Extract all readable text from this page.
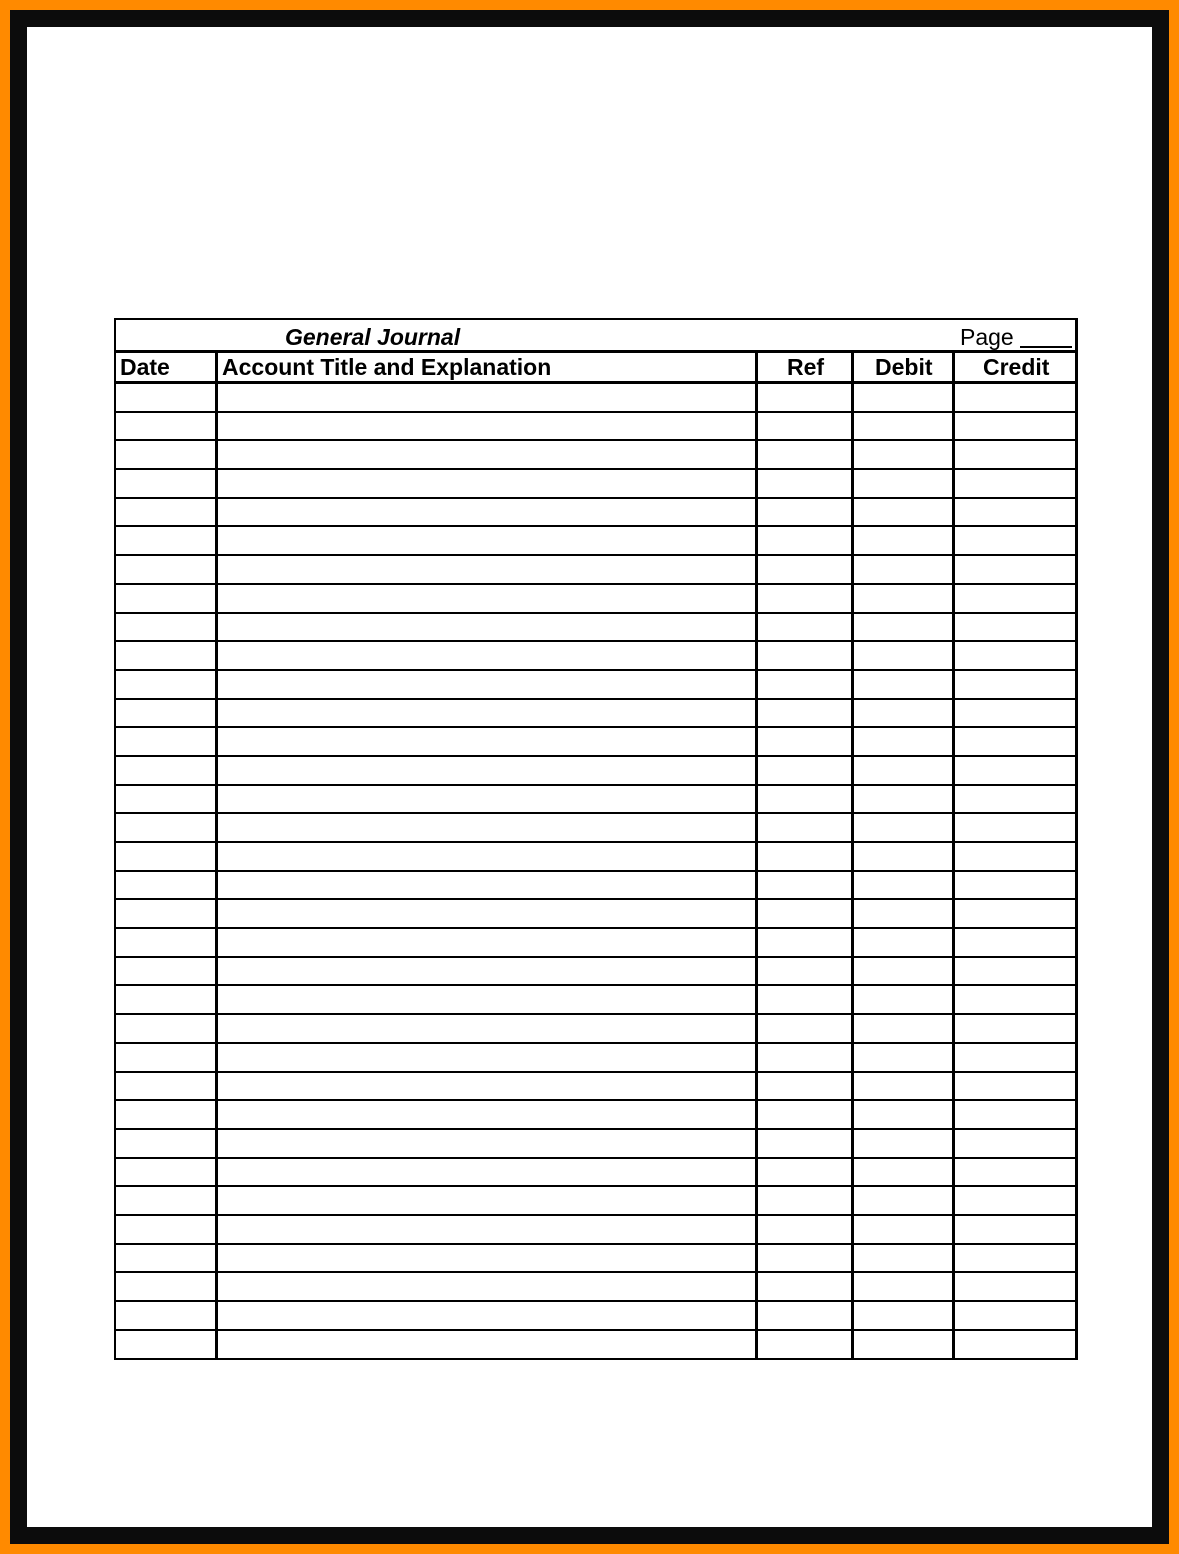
General Journal	Page
Date Account Title and Explanation	Ref Debit Credit
